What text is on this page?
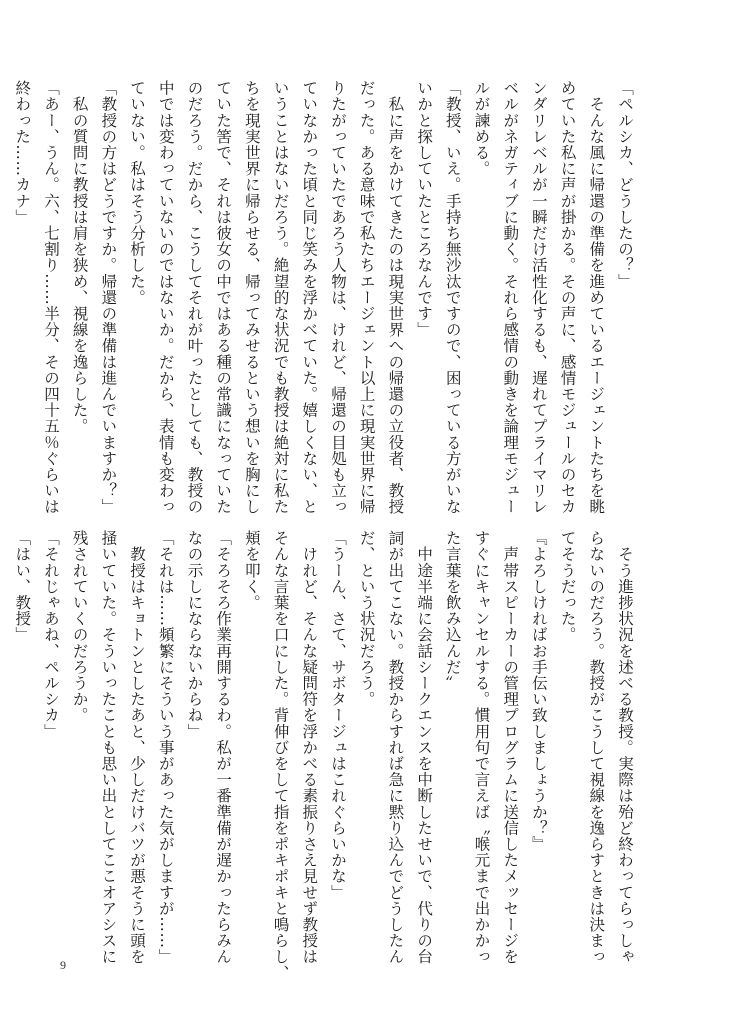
「ペルシカ、どうしたの？」
　そんな風に帰還の準備を進めているエージェントたちを眺
めていた私に声が掛かる。その声に、感情モジュールのセカ
ンダリレベルが一瞬だけ活性化するも、遅れてプライマリレ
ベルがネガティブに動く。それら感情の動きを論理モジュー
ルが諫める。
「教授、いえ。手持ち無沙汰ですので、困っている方がいな
いかと探していたところなんです」
　私に声をかけてきたのは現実世界への帰還の立役者、教授
だった。ある意味で私たちエージェント以上に現実世界に帰
りたがっていたであろう人物は、けれど、帰還の目処も立っ
ていなかった頃と同じ笑みを浮かべていた。嬉しくない、と
いうことはないだろう。絶望的な状況でも教授は絶対に私た
ちを現実世界に帰らせる、帰ってみせるという想いを胸にし
ていた筈で、それは彼女の中ではある種の常識になっていた
のだろう。だから、こうしてそれが叶ったとしても、教授の
中では変わっていないのではないか。だから、表情も変わっ
ていない。私はそう分析した。
「教授の方はどうですか。帰還の準備は進んでいますか？」
　私の質問に教授は肩を狭め、視線を逸らした。
「あー、うん。六、七割り……半分、その四十五％ぐらいは
終わった……カナ」
　そう進捗状況を述べる教授。実際は殆ど終わってらっしゃ
らないのだろう。教授がこうして視線を逸らすときは決まっ
てそうだった。
『よろしければお手伝い致しましょうか？』
　声帯スピーカーの管理プログラムに送信したメッセージを
すぐにキャンセルする。慣用句で言えば〝喉元まで出かかっ
た言葉を飲み込んだ〟
　中途半端に会話シークエンスを中断したせいで、代りの台
詞が出てこない。教授からすれば急に黙り込んでどうしたん
だ、という状況だろう。
「うーん、さて、サボタージュはこれぐらいかな」
　けれど、そんな疑問符を浮かべる素振りさえ見せず教授は
そんな言葉を口にした。背伸びをして指をポキポキと鳴らし、
頬を叩く。
「そろそろ作業再開するわ。私が一番準備が遅かったらみん
なの示しにならないからね」
「それは……頻繁にそういう事があった気がしますが……」
　教授はキョトンとしたあと、少しだけバツが悪そうに頭を
掻いていた。そういったことも思い出としてここオアシスに
残されていくのだろうか。
「それじゃあね、ペルシカ」
「はい、教授」
9
